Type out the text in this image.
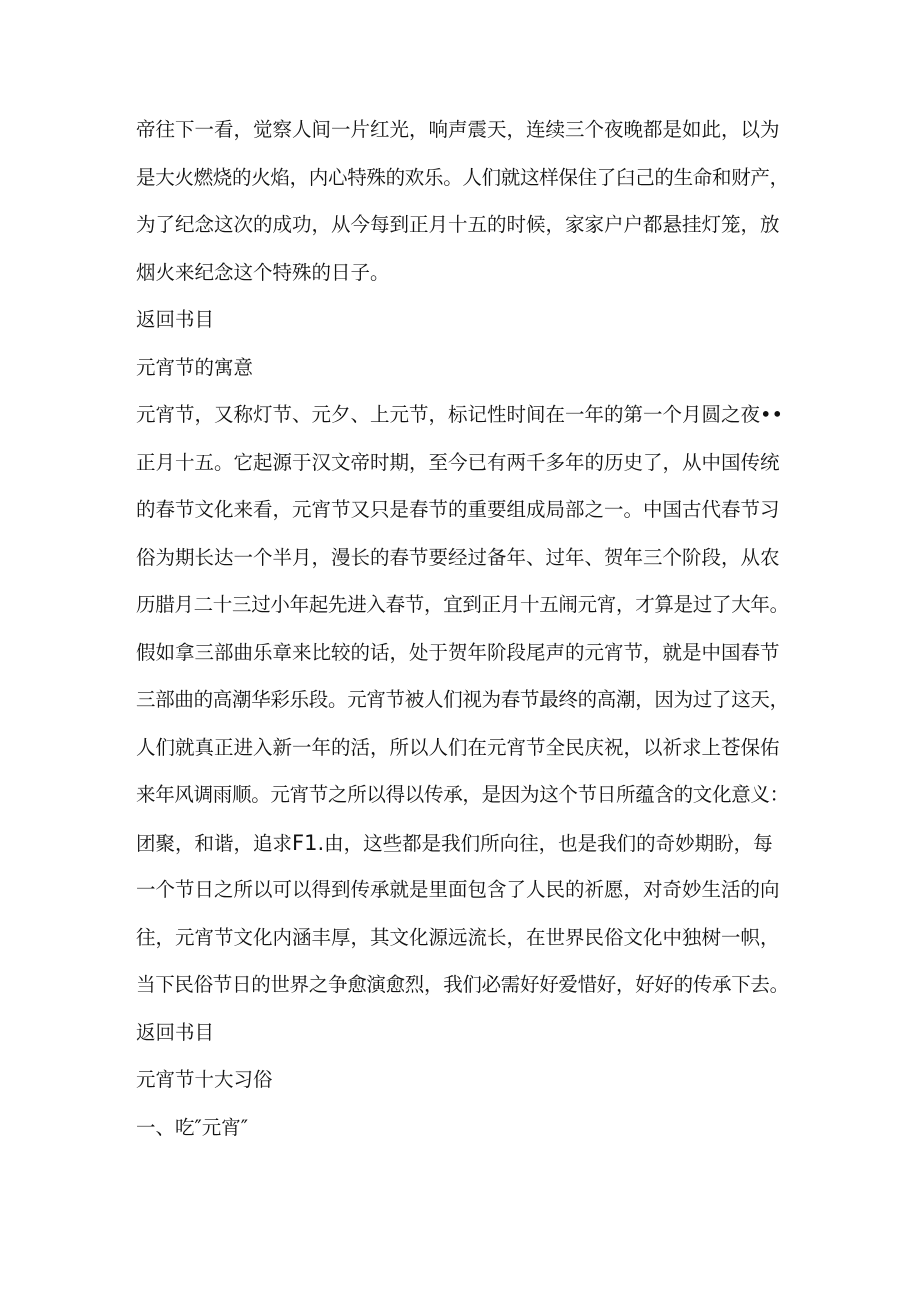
帝往下一看，觉察人间一片红光，响声震天，连续三个夜晚都是如此，以为
是大火燃烧的火焰，内心特殊的欢乐。人们就这样保住了臼己的生命和财产，
为了纪念这次的成功，从今每到正月十五的时候，家家户户都悬挂灯笼，放
烟火来纪念这个特殊的日子。
返回书目
元宵节的寓意
元宵节，又称灯节、元夕、上元节，标记性时间在一年的第一个月圆之夜••
正月十五。它起源于汉文帝时期，至今已有两千多年的历史了，从中国传统
的春节文化来看，元宵节又只是春节的重要组成局部之一。中国古代春节习
俗为期长达一个半月，漫长的春节要经过备年、过年、贺年三个阶段，从农
历腊月二十三过小年起先进入春节，宜到正月十五闹元宵，才算是过了大年。
假如拿三部曲乐章来比较的话，处于贺年阶段尾声的元宵节，就是中国春节
三部曲的高潮华彩乐段。元宵节被人们视为春节最终的高潮，因为过了这天，
人们就真正进入新一年的活，所以人们在元宵节全民庆祝，以祈求上苍保佑
来年风调雨顺。元宵节之所以得以传承，是因为这个节日所蕴含的文化意义：
团聚，和谐，追求F1.由，这些都是我们所向往，也是我们的奇妙期盼，每
一个节日之所以可以得到传承就是里面包含了人民的祈愿，对奇妙生活的向
往，元宵节文化内涵丰厚，其文化源远流长，在世界民俗文化中独树一帜，
当下民俗节日的世界之争愈演愈烈，我们必需好好爱惜好，好好的传承下去。
返回书目
元宵节十大习俗
一、吃″元宵″
